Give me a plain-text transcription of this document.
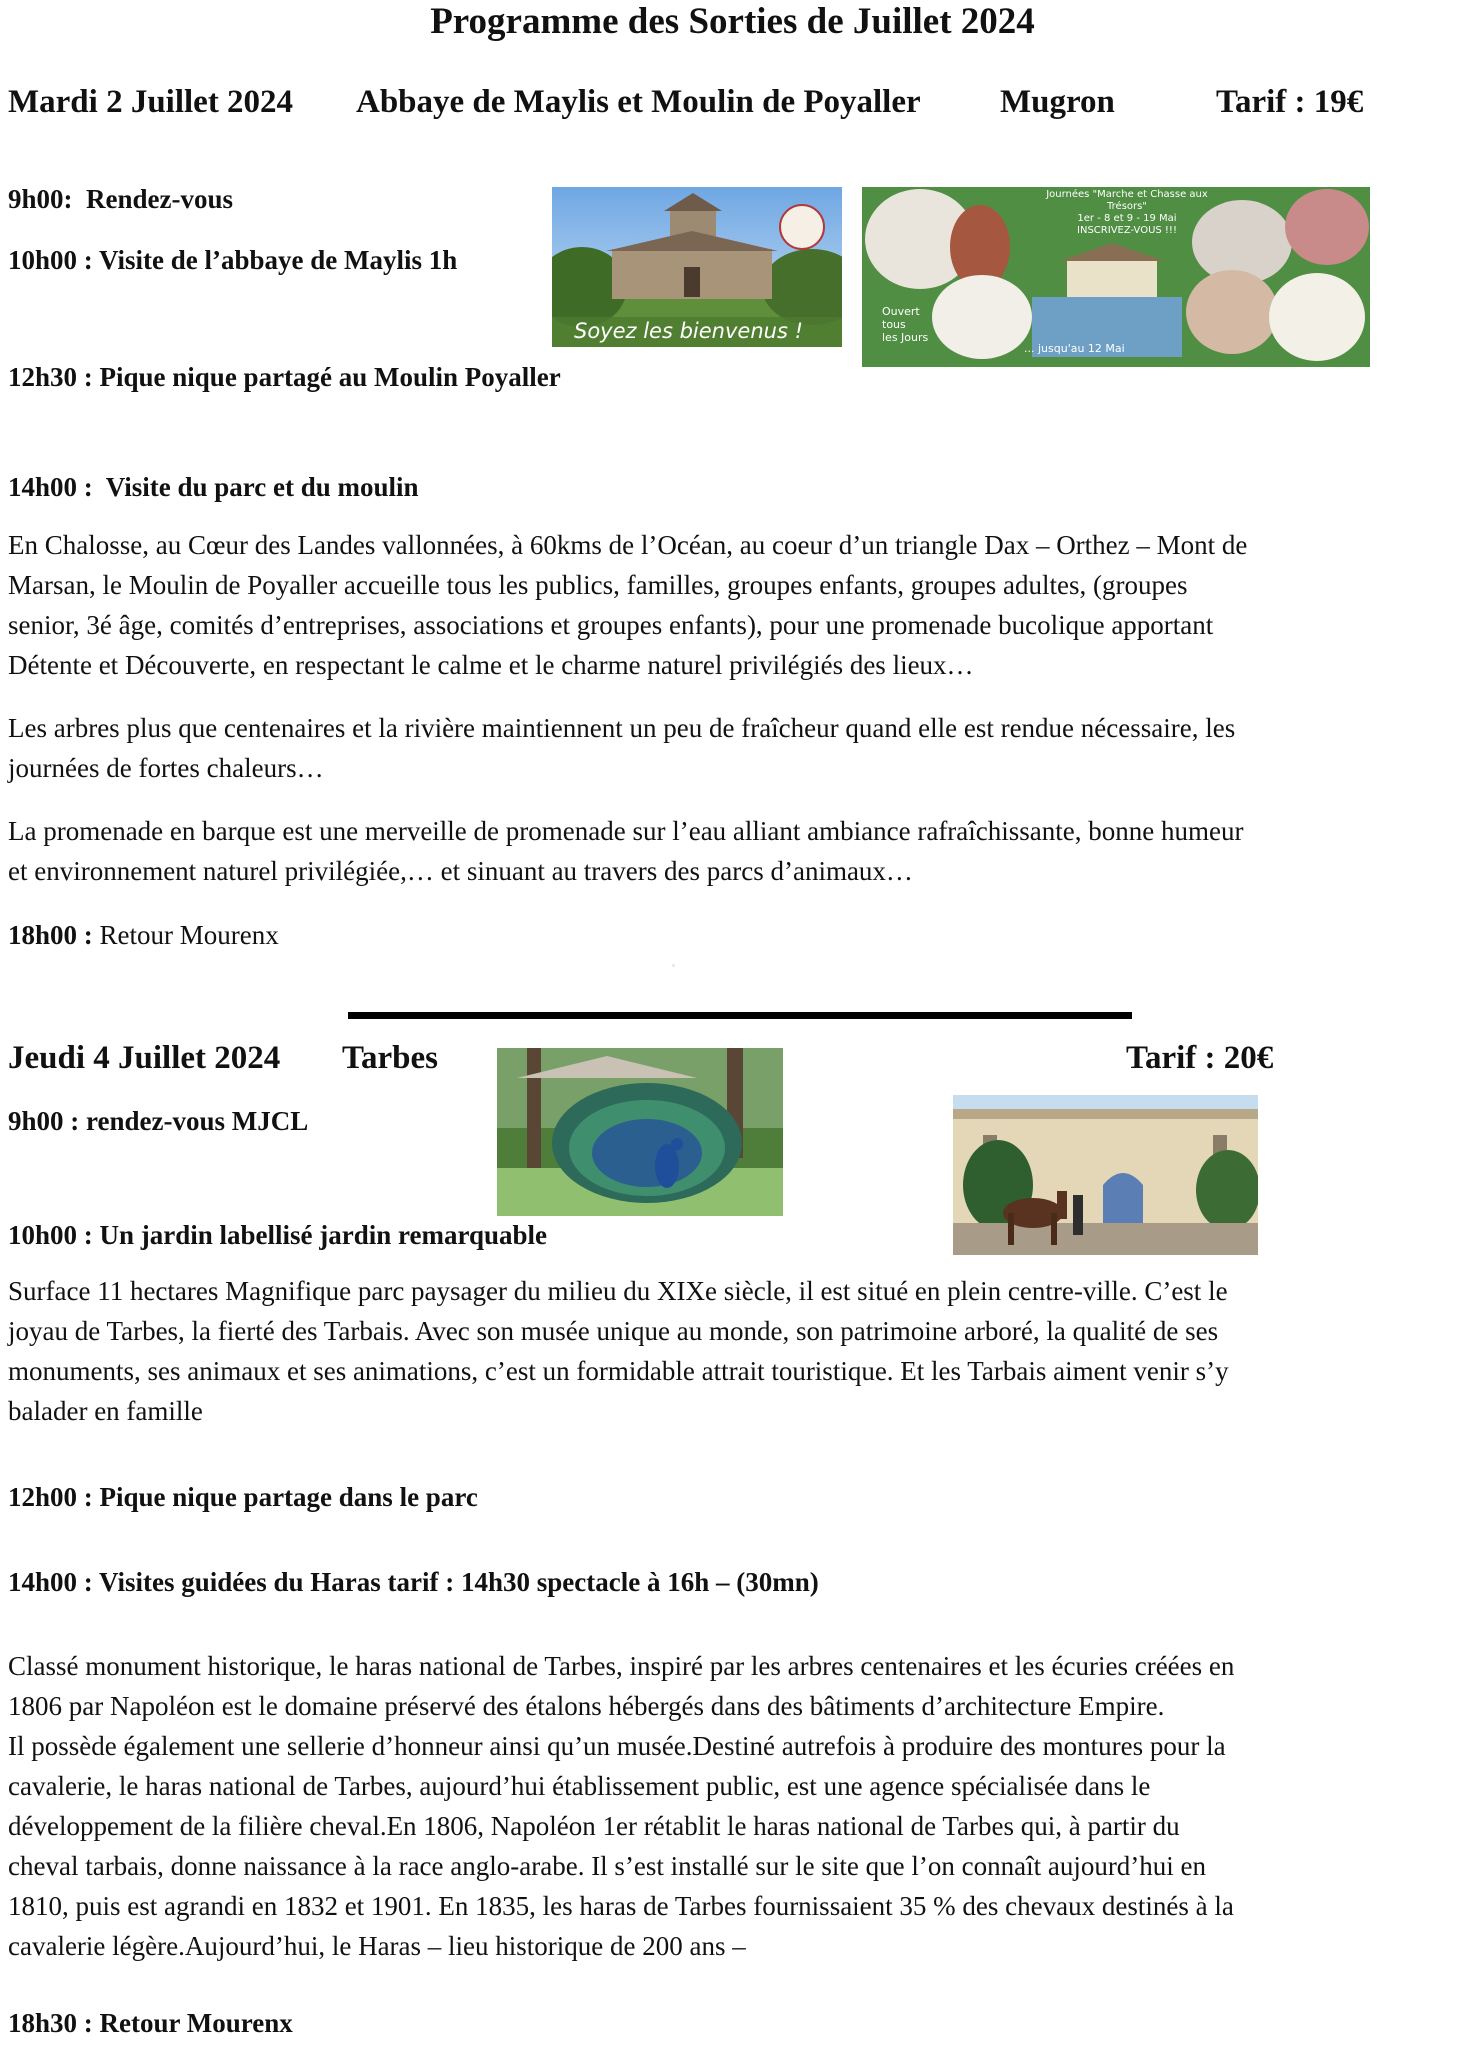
Programme des Sorties de Juillet 2024
Mardi 2 Juillet 2024 Abbaye de Maylis et Moulin de Poyaller Mugron	Tarif : 19€
9h00: Rendez-vous
10h00 : Visite de l’abbaye de Maylis 1h
12h30 : Pique nique partagé au Moulin Poyaller
14h00 : Visite du parc et du moulin
Soyez les bienvenus !
Journées "Marche et Chasse aux Trésors"
1er - 8 et 9 - 19 Mai
INSCRIVEZ-VOUS !!!
Ouvert
tous
les Jours
... jusqu'au 12 Mai

En Chalosse, au Cœur des Landes vallonnées, à 60kms de l’Océan, au coeur d’un triangle Dax – Orthez – Mont de
Marsan, le Moulin de Poyaller accueille tous les publics, familles, groupes enfants, groupes adultes, (groupes
senior, 3é âge, comités d’entreprises, associations et groupes enfants), pour une promenade bucolique apportant
Détente et Découverte, en respectant le calme et le charme naturel privilégiés des lieux…

Les arbres plus que centenaires et la rivière maintiennent un peu de fraîcheur quand elle est rendue nécessaire, les
journées de fortes chaleurs…

La promenade en barque est une merveille de promenade sur l’eau alliant ambiance rafraîchissante, bonne humeur
et environnement naturel privilégiée,… et sinuant au travers des parcs d’animaux…

18h00 : Retour Mourenx
Jeudi 4 Juillet 2024 Tarbes	Tarif : 20€
9h00 : rendez-vous MJCL
10h00 : Un jardin labellisé jardin remarquable

Surface 11 hectares Magnifique parc paysager du milieu du XIXe siècle, il est situé en plein centre-ville. C’est le
joyau de Tarbes, la fierté des Tarbais. Avec son musée unique au monde, son patrimoine arboré, la qualité de ses
monuments, ses animaux et ses animations, c’est un formidable attrait touristique. Et les Tarbais aiment venir s’y
balader en famille

12h00 : Pique nique partage dans le parc
14h00 : Visites guidées du Haras tarif : 14h30 spectacle à 16h – (30mn)

Classé monument historique, le haras national de Tarbes, inspiré par les arbres centenaires et les écuries créées en
1806 par Napoléon est le domaine préservé des étalons hébergés dans des bâtiments d’architecture Empire.
Il possède également une sellerie d’honneur ainsi qu’un musée.Destiné autrefois à produire des montures pour la
cavalerie, le haras national de Tarbes, aujourd’hui établissement public, est une agence spécialisée dans le
développement de la filière cheval.En 1806, Napoléon 1er rétablit le haras national de Tarbes qui, à partir du
cheval tarbais, donne naissance à la race anglo-arabe. Il s’est installé sur le site que l’on connaît aujourd’hui en
1810, puis est agrandi en 1832 et 1901. En 1835, les haras de Tarbes fournissaient 35 % des chevaux destinés à la
cavalerie légère.Aujourd’hui, le Haras – lieu historique de 200 ans –

18h30 : Retour Mourenx
